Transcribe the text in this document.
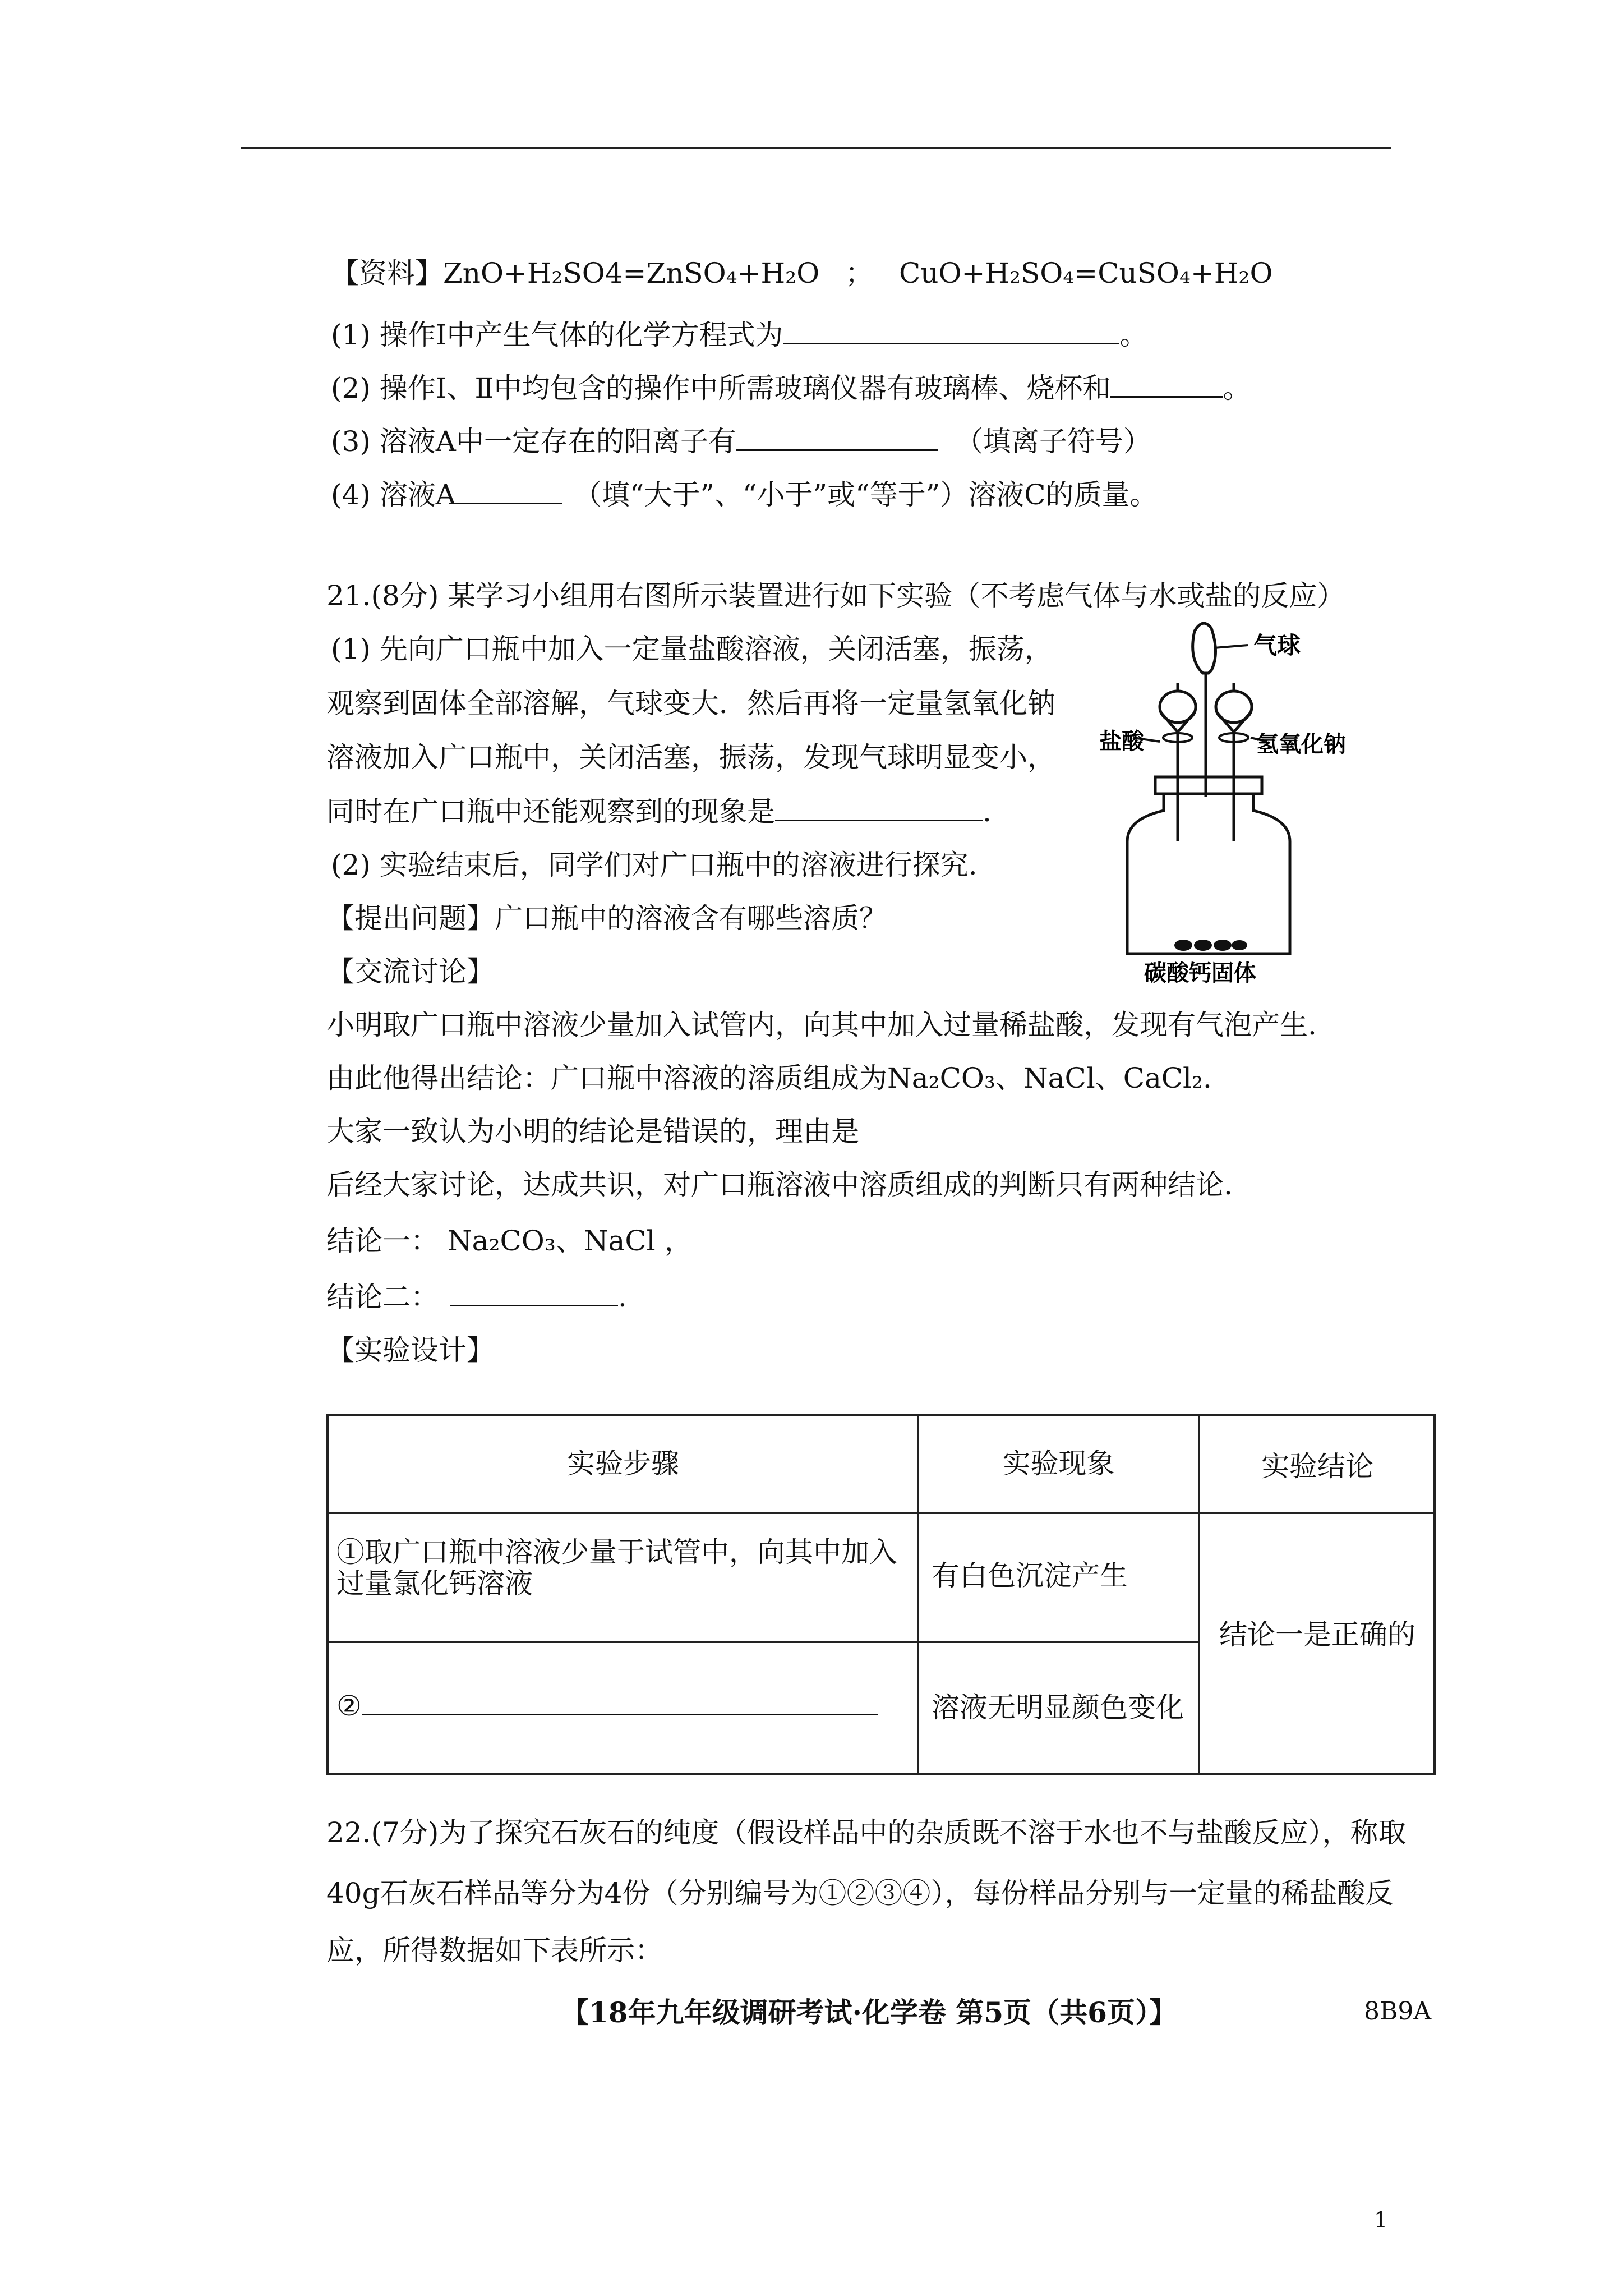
【资料】ZnO+H₂SO4=ZnSO₄+H₂O ； CuO+H₂SO₄=CuSO₄+H₂O
(1) 操作Ⅰ中产生气体的化学方程式为	。
(2) 操作Ⅰ、Ⅱ中均包含的操作中所需玻璃仪器有玻璃棒、烧杯和	。
(3) 溶液A中一定存在的阳离子有	（填离子符号）
(4) 溶液A	（填“大于”、“小于”或“等于”）溶液C的质量。
21.(8分) 某学习小组用右图所示装置进行如下实验（不考虑气体与水或盐的反应）
(1) 先向广口瓶中加入一定量盐酸溶液，关闭活塞，振荡，
观察到固体全部溶解，气球变大．然后再将一定量氢氧化钠
溶液加入广口瓶中，关闭活塞，振荡，发现气球明显变小，
同时在广口瓶中还能观察到的现象是	.
(2) 实验结束后，同学们对广口瓶中的溶液进行探究.
【提出问题】广口瓶中的溶液含有哪些溶质？
【交流讨论】
小明取广口瓶中溶液少量加入试管内，向其中加入过量稀盐酸，发现有气泡产生.
由此他得出结论：广口瓶中溶液的溶质组成为Na₂CO₃、NaCl、CaCl₂.
大家一致认为小明的结论是错误的，理由是
后经大家讨论，达成共识，对广口瓶溶液中溶质组成的判断只有两种结论.
结论一： Na₂CO₃、NaCl ，
结论二：	.
【实验设计】
气球
盐酸	氢氧化钠
碳酸钙固体
实验步骤	实验现象	实验结论
①取广口瓶中溶液少量于试管中，向其中加入过量氯化钙溶液	有白色沉淀产生
②	溶液无明显颜色变化
结论一是正确的
22.(7分)为了探究石灰石的纯度（假设样品中的杂质既不溶于水也不与盐酸反应），称取
40g石灰石样品等分为4份（分别编号为①②③④），每份样品分别与一定量的稀盐酸反
应，所得数据如下表所示：
【18年九年级调研考试·化学卷 第5页（共6页）】	8B9A
1
